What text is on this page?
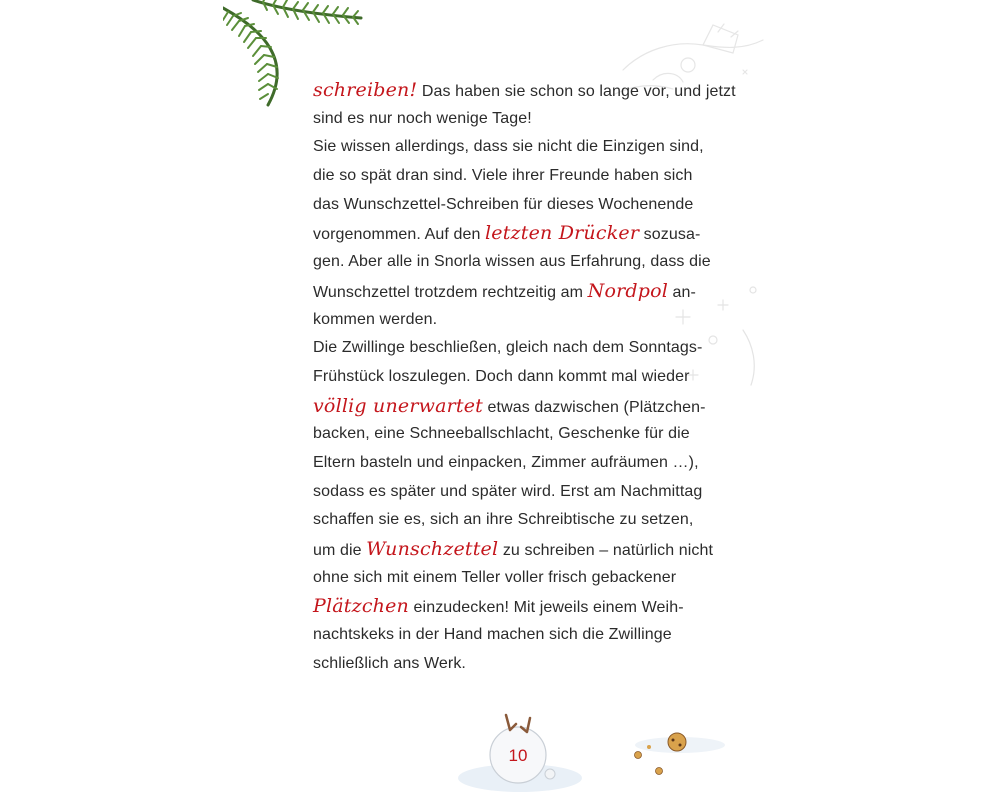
schreiben! Das haben sie schon so lange vor, und jetzt
sind es nur noch wenige Tage!
Sie wissen allerdings, dass sie nicht die Einzigen sind,
die so spät dran sind. Viele ihrer Freunde haben sich
das Wunschzettel-Schreiben für dieses Wochenende
vorgenommen. Auf den letzten Drücker sozusa-
gen. Aber alle in Snorla wissen aus Erfahrung, dass die
Wunschzettel trotzdem rechtzeitig am Nordpol an-
kommen werden.
Die Zwillinge beschließen, gleich nach dem Sonntags-
Frühstück loszulegen. Doch dann kommt mal wieder
völlig unerwartet etwas dazwischen (Plätzchen-
backen, eine Schneeballschlacht, Geschenke für die
Eltern basteln und einpacken, Zimmer aufräumen …),
sodass es später und später wird. Erst am Nachmittag
schaffen sie es, sich an ihre Schreibtische zu setzen,
um die Wunschzettel zu schreiben – natürlich nicht
ohne sich mit einem Teller voller frisch gebackener
Plätzchen einzudecken! Mit jeweils einem Weih-
nachtskeks in der Hand machen sich die Zwillinge
schließlich ans Werk.
10
